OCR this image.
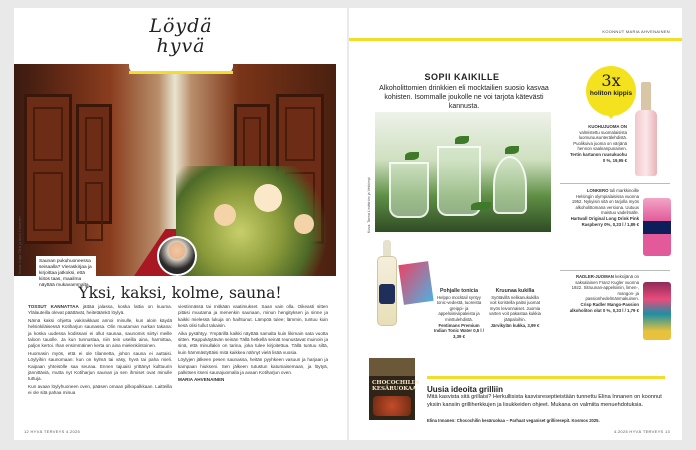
Saunan pukuhuoneessa seisaalla? Vieraskirjaa ja kirjoittaa jatkoksi, että kiitos taas, maailma näyttää mukavammalta.
Löydä
hyvä
Kuvat: Katja Tähti ja Anne Huovinen
Yksi, kaksi, kolme, sauna!

TOSSUT KANNATTAA jättää jalassa, koska lattia on kuuma. Ylälauteilla olevat päättävät, heitetäänkö löylyä.

Nämä kaksi ohjetta vakiraikkaat annoi minulle, kun aloin käydä helsinkiläisessä Kotiharjun saunassa. Olin muutaman nurkan takana: ja koska uudessa kodissani ei ollut saunaa, saunomis siirtyi meille taloon tauolle. Ja kun tunnustaa, niin tein useilla aina, harmittaa, paljon kertoi. Ihan ensimmäinen kerta on aina mielenkiintoinen.

Huomasin myös, että ei ole tilannetta, johon sauna ei auttaisi. Löylyihin saunomaan: kun on kylmä tai väsy, hyvä tai paha mieli. Kaipaan yhteisölle saa seuraa. Ennen tajuaisi yrittänyt kulttuurin jännittäviä, mutta nyt Kotiharjun saunan ja sen ihmiset ovat minulle tuttuja.

Kun avaan löylyhuoneen oven, pääsen omaan pilkopalkkaan. Laitteilla ei ole sitä pahaa minua

viestinnässä tai mitkään vaatimukset. Saan vain olla. Oikeasti sitten pitäisi muutama ja menenkin saunaan, minun hengityksen ja sinne ja kaikki mielessä lukuja on haihtunut. Lämpöä tulee; lämmin, tuntuu kuin kesä olisi tullut takaisin.

Aika pysähtyy. Ympärillä kaikki näyttää samalta kuin likimain sata vuotta sitten. Rappukäytävän seinän Tällä hetkellä seinät reunustavat muinoin ja sinä, että minullakin on tarina, joka tulee kirjoitettua. Tällä tuntuu siltä, kuin hämmästyttäisi mitä kaikkea nähnyt vielä lisää vuosia.

Löylyjen jälkeen pesen saunassa, heitän pyyhkeen vasuun ja harjaan ja kampaan hiukseni. Sen jälkeen tutustun katumaisemaan, ja löytyä, palkitsen itseni saunajuomalla ja avaan Kotiharjun oven.

MARIA AHVENAINEN

12 HYVÄ TERVEYS 4.2025
KOONNUT MARIA AHVENAINEN
SOPII KAIKILLE
Alkoholittomien drinkkien eli mocktailien suosio kasvaa kohisten. Isommalle joukolle ne voi tarjota kätevästi kannusta.
Kuva: Tanna Lindström ja Vekkimpi
Pohjalle tonicia
Helppo mocktail syntyy tonic-vedestä, tuoreista greippi- ja appelsiiniviipaleista ja minttulehdistä.
Fentimans Premium Indian Tonic Water 0,5 l / 3,39 €
Kruunaa kukilla
Syötävillä nelikanukukilla voit koristella paitsi juomat myös leivonnaiset. Juomia varten voit pakastaa kukkia jääpaloihin.
Järvikylän kukka, 3,99 €
3x
holiton kippis
KUOHUJUOMA ON valmistettu suomalaisista luomuruusunterälehdistä. Puolikuiva juoma on värjänä hennon vaaleanpunainen.
Tertin kartanon ruusukuohu 0 %, 19,95 €
LONKERO tuli markkinoille Helsingin olympialaisissa vuonna 1952. Nykyisin sitä on tarjolla myös alkoholittomana versiona. Uutuus maistuu vadelmalle.
Hartwall Original Long Drink Pink Raspberry 0%, 0,33 l / 1,89 €
RADLER-JUOMAN keksijänä on saksalainen Franz Kugler vuonna 1922. Sitruunan-appelsiinin, limen-, mangon- ja passionhedelmänmakuinen.
Crisp Radler Mango-Passion alkoholiton olut 0 %, 0,33 l / 1,79 €
CHOCOCHILIN KESÄRUOKAA Uusia ideoita grilliin
Mitä kasvista sitä grillaisi? Herkullisista kasvisreseptieistään tunnettu Elina Innanen on koonnut yksiin kansiin grilliherkkujen ja lisukkeiden ohjeet. Mukana on valmiita menuehdotuksia.
Elina Innanen: Chocochilin kesäruokaa – Parhaat veganiset grilliresepit. Kosmos 2025.
4.2025 HYVÄ TERVEYS 13
